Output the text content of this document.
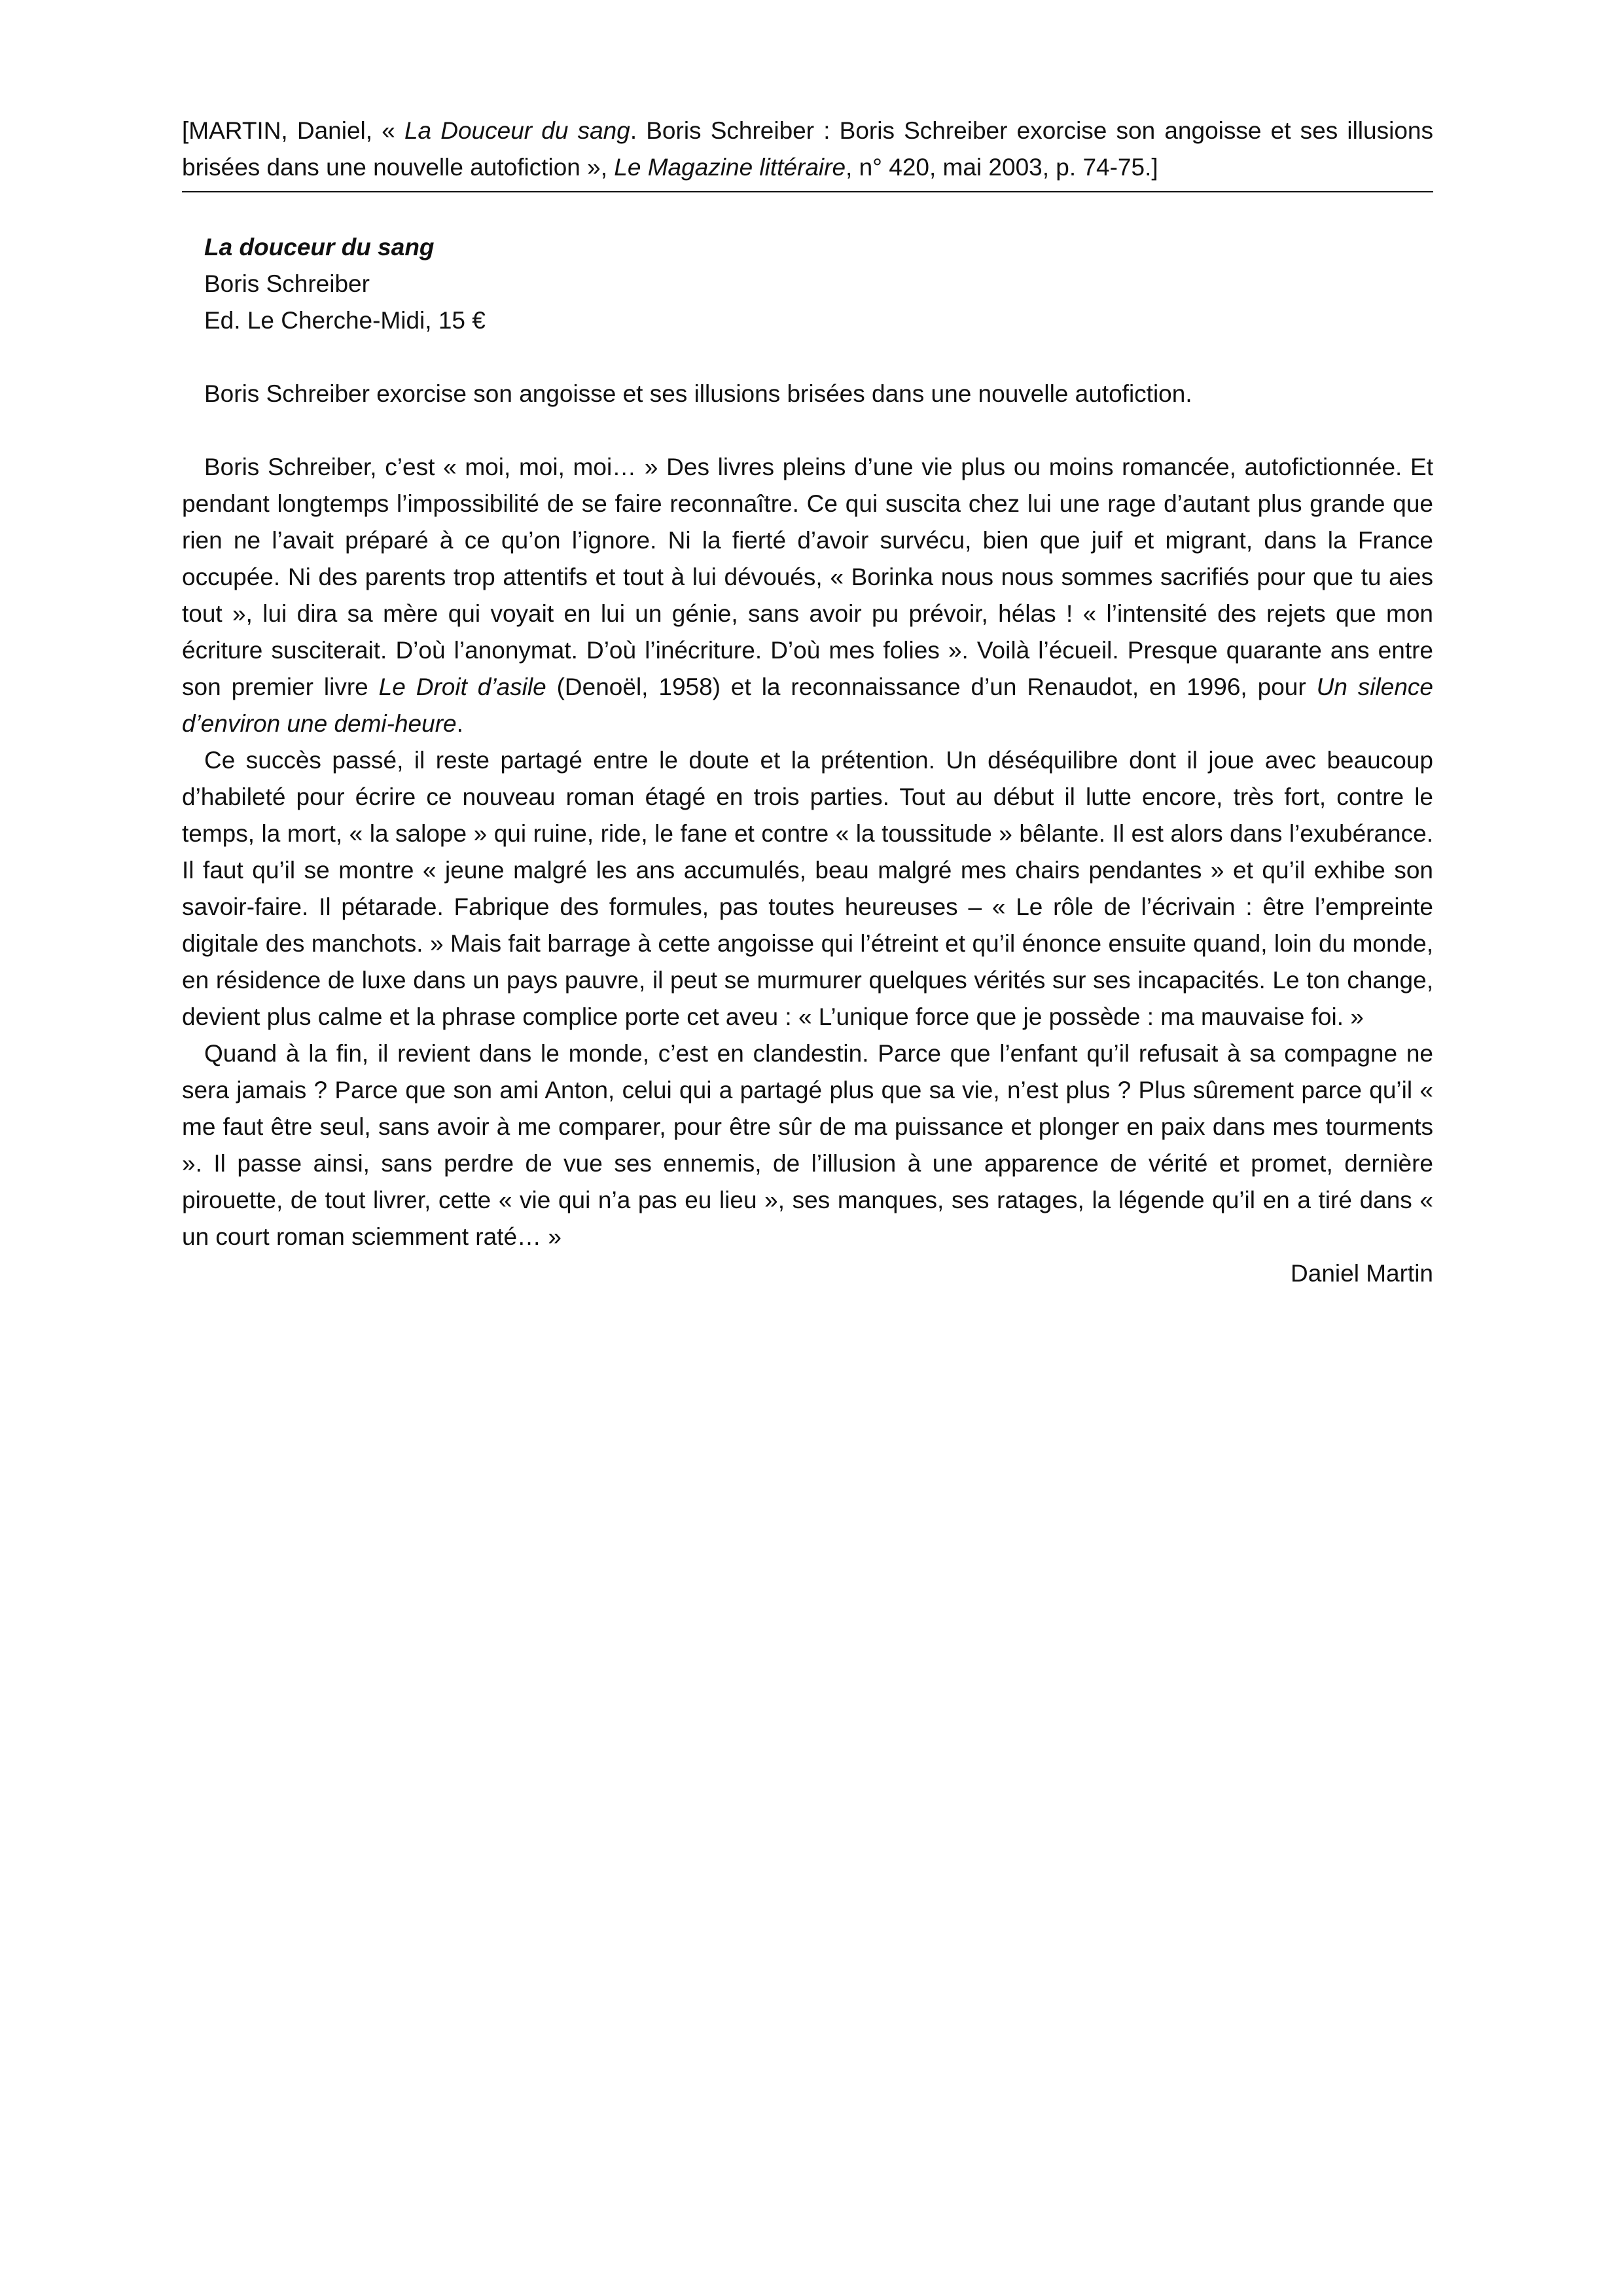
[MARTIN, Daniel, « La Douceur du sang. Boris Schreiber : Boris Schreiber exorcise son angoisse et ses illusions brisées dans une nouvelle autofiction », Le Magazine littéraire, n° 420, mai 2003, p. 74-75.]

La douceur du sang
Boris Schreiber
Ed. Le Cherche-Midi, 15 €

Boris Schreiber exorcise son angoisse et ses illusions brisées dans une nouvelle autofiction.

Boris Schreiber, c’est « moi, moi, moi… » Des livres pleins d’une vie plus ou moins romancée, autofictionnée. Et pendant longtemps l’impossibilité de se faire reconnaître. Ce qui suscita chez lui une rage d’autant plus grande que rien ne l’avait préparé à ce qu’on l’ignore. Ni la fierté d’avoir survécu, bien que juif et migrant, dans la France occupée. Ni des parents trop attentifs et tout à lui dévoués, « Borinka nous nous sommes sacrifiés pour que tu aies tout », lui dira sa mère qui voyait en lui un génie, sans avoir pu prévoir, hélas ! « l’intensité des rejets que mon écriture susciterait. D’où l’anonymat. D’où l’inécriture. D’où mes folies ». Voilà l’écueil. Presque quarante ans entre son premier livre Le Droit d’asile (Denoël, 1958) et la reconnaissance d’un Renaudot, en 1996, pour Un silence d’environ une demi-heure.

Ce succès passé, il reste partagé entre le doute et la prétention. Un déséquilibre dont il joue avec beaucoup d’habileté pour écrire ce nouveau roman étagé en trois parties. Tout au début il lutte encore, très fort, contre le temps, la mort, « la salope » qui ruine, ride, le fane et contre « la toussitude » bêlante. Il est alors dans l’exubérance. Il faut qu’il se montre « jeune malgré les ans accumulés, beau malgré mes chairs pendantes » et qu’il exhibe son savoir-faire. Il pétarade. Fabrique des formules, pas toutes heureuses – « Le rôle de l’écrivain : être l’empreinte digitale des manchots. » Mais fait barrage à cette angoisse qui l’étreint et qu’il énonce ensuite quand, loin du monde, en résidence de luxe dans un pays pauvre, il peut se murmurer quelques vérités sur ses incapacités. Le ton change, devient plus calme et la phrase complice porte cet aveu : « L’unique force que je possède : ma mauvaise foi. »

Quand à la fin, il revient dans le monde, c’est en clandestin. Parce que l’enfant qu’il refusait à sa compagne ne sera jamais ? Parce que son ami Anton, celui qui a partagé plus que sa vie, n’est plus ? Plus sûrement parce qu’il « me faut être seul, sans avoir à me comparer, pour être sûr de ma puissance et plonger en paix dans mes tourments ». Il passe ainsi, sans perdre de vue ses ennemis, de l’illusion à une apparence de vérité et promet, dernière pirouette, de tout livrer, cette « vie qui n’a pas eu lieu », ses manques, ses ratages, la légende qu’il en a tiré dans « un court roman sciemment raté… »

Daniel Martin
